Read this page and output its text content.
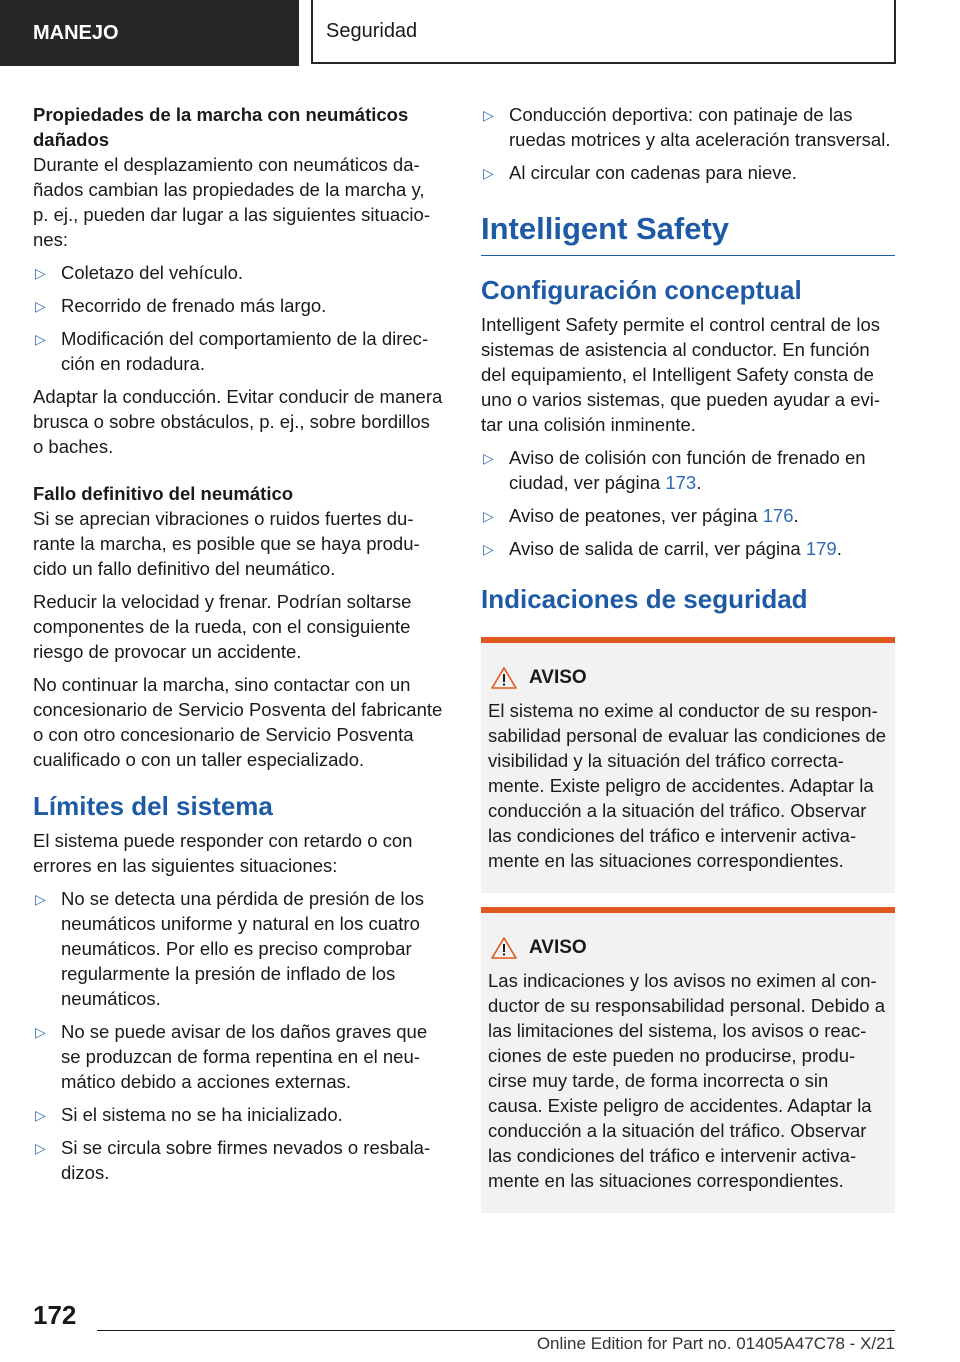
MANEJO	Seguridad

Propiedades de la marcha con neumáticos dañados

Durante el desplazamiento con neumáticos dañados cambian las propiedades de la marcha y, p. ej., pueden dar lugar a las siguientes situaciones:

▷ Coletazo del vehículo.
▷ Recorrido de frenado más largo.
▷ Modificación del comportamiento de la dirección en rodadura.

Adaptar la conducción. Evitar conducir de manera brusca o sobre obstáculos, p. ej., sobre bordillos o baches.

Fallo definitivo del neumático

Si se aprecian vibraciones o ruidos fuertes durante la marcha, es posible que se haya producido un fallo definitivo del neumático.

Reducir la velocidad y frenar. Podrían soltarse componentes de la rueda, con el consiguiente riesgo de provocar un accidente.

No continuar la marcha, sino contactar con un concesionario de Servicio Posventa del fabricante o con otro concesionario de Servicio Posventa cualificado o con un taller especializado.

Límites del sistema

El sistema puede responder con retardo o con errores en las siguientes situaciones:

▷ No se detecta una pérdida de presión de los neumáticos uniforme y natural en los cuatro neumáticos. Por ello es preciso comprobar regularmente la presión de inflado de los neumáticos.
▷ No se puede avisar de los daños graves que se produzcan de forma repentina en el neumático debido a acciones externas.
▷ Si el sistema no se ha inicializado.
▷ Si se circula sobre firmes nevados o resbaladizos.
▷ Conducción deportiva: con patinaje de las ruedas motrices y alta aceleración transversal.
▷ Al circular con cadenas para nieve.
Intelligent Safety
Configuración conceptual

Intelligent Safety permite el control central de los sistemas de asistencia al conductor. En función del equipamiento, el Intelligent Safety consta de uno o varios sistemas, que pueden ayudar a evitar una colisión inminente.

▷ Aviso de colisión con función de frenado en ciudad, ver página 173.
▷ Aviso de peatones, ver página 176.
▷ Aviso de salida de carril, ver página 179.
Indicaciones de seguridad
AVISO

El sistema no exime al conductor de su responsabilidad personal de evaluar las condiciones de visibilidad y la situación del tráfico correctamente. Existe peligro de accidentes. Adaptar la conducción a la situación del tráfico. Observar las condiciones del tráfico e intervenir activamente en las situaciones correspondientes.

AVISO

Las indicaciones y los avisos no eximen al conductor de su responsabilidad personal. Debido a las limitaciones del sistema, los avisos o reacciones de este pueden no producirse, producirse muy tarde, de forma incorrecta o sin causa. Existe peligro de accidentes. Adaptar la conducción a la situación del tráfico. Observar las condiciones del tráfico e intervenir activamente en las situaciones correspondientes.

172
Online Edition for Part no. 01405A47C78 - X/21
